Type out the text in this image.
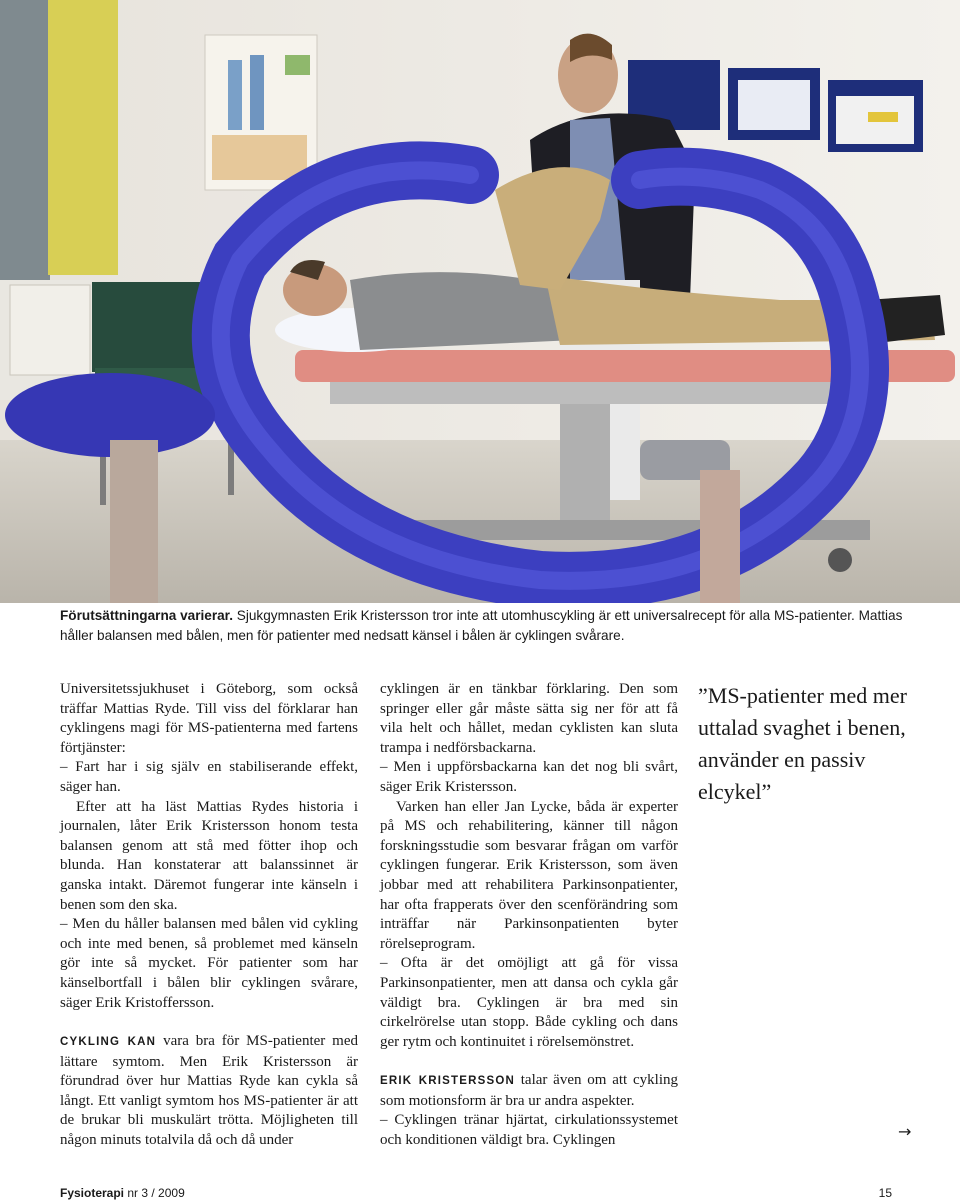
Förutsättningarna varierar. Sjukgymnasten Erik Kristersson tror inte att utomhuscykling är ett universalrecept för alla MS-patienter. Mattias håller balansen med bålen, men för patienter med nedsatt känsel i bålen är cyklingen svårare.

Universitetssjukhuset i Göteborg, som också träffar Mattias Ryde. Till viss del förklarar han cyklingens magi för MS-patienterna med fartens förtjänster:

– Fart har i sig själv en stabiliserande effekt, säger han.

Efter att ha läst Mattias Rydes historia i journalen, låter Erik Kristersson honom testa balansen genom att stå med fötter ihop och blunda. Han konstaterar att balanssinnet är ganska intakt. Däremot fungerar inte känseln i benen som den ska.

– Men du håller balansen med bålen vid cykling och inte med benen, så problemet med känseln gör inte så mycket. För patienter som har känselbortfall i bålen blir cyklingen svårare, säger Erik Kristoffersson.

CYKLING KAN vara bra för MS-patienter med lättare symtom. Men Erik Kristersson är förundrad över hur Mattias Ryde kan cykla så långt. Ett vanligt symtom hos MS-patienter är att de brukar bli muskulärt trötta. Möjligheten till någon minuts totalvila då och då under

cyklingen är en tänkbar förklaring. Den som springer eller går måste sätta sig ner för att få vila helt och hållet, medan cyklisten kan sluta trampa i nedförsbackarna.

– Men i uppförsbackarna kan det nog bli svårt, säger Erik Kristersson.

Varken han eller Jan Lycke, båda är experter på MS och rehabilitering, känner till någon forskningsstudie som besvarar frågan om varför cyklingen fungerar. Erik Kristersson, som även jobbar med att rehabilitera Parkinsonpatienter, har ofta frapperats över den scenförändring som inträffar när Parkinsonpatienten byter rörelseprogram.

– Ofta är det omöjligt att gå för vissa Parkinsonpatienter, men att dansa och cykla går väldigt bra. Cyklingen är bra med sin cirkelrörelse utan stopp. Både cykling och dans ger rytm och kontinuitet i rörelsemönstret.

ERIK KRISTERSSON talar även om att cykling som motionsform är bra ur andra aspekter.

– Cyklingen tränar hjärtat, cirkulationssystemet och konditionen väldigt bra. Cyklingen

”MS-patienter med mer uttalad svaghet i benen, använder en passiv elcykel”
→
Fysioterapi nr 3 / 2009	15
